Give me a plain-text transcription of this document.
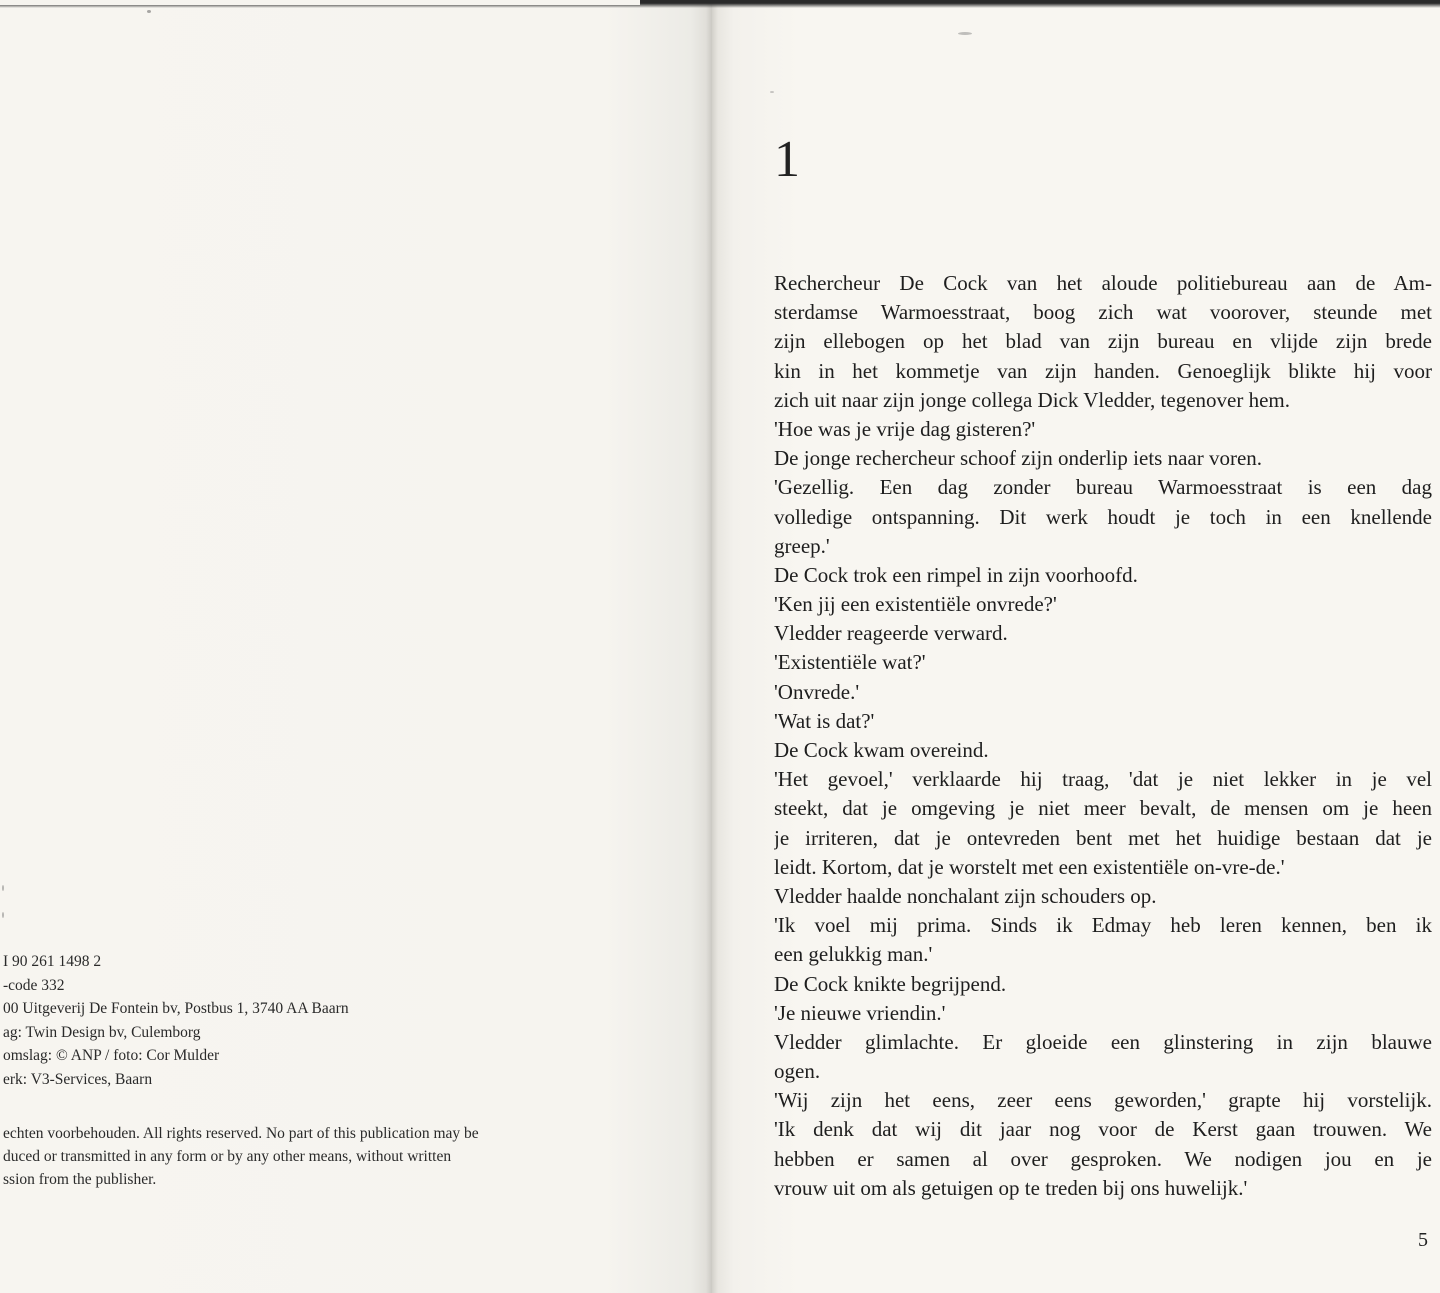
I 90 261 1498 2
-code 332
00 Uitgeverij De Fontein bv, Postbus 1, 3740 AA Baarn
ag: Twin Design bv, Culemborg
omslag: © ANP / foto: Cor Mulder
erk: V3-Services, Baarn
echten voorbehouden. All rights reserved. No part of this publication may be
duced or transmitted in any form or by any other means, without written
ssion from the publisher.
1
Rechercheur De Cock van het aloude politiebureau aan de Am-
sterdamse Warmoesstraat, boog zich wat voorover, steunde met
zijn ellebogen op het blad van zijn bureau en vlijde zijn brede
kin in het kommetje van zijn handen. Genoeglijk blikte hij voor
zich uit naar zijn jonge collega Dick Vledder, tegenover hem.
'Hoe was je vrije dag gisteren?'
De jonge rechercheur schoof zijn onderlip iets naar voren.
'Gezellig. Een dag zonder bureau Warmoesstraat is een dag
volledige ontspanning. Dit werk houdt je toch in een knellende
greep.'
De Cock trok een rimpel in zijn voorhoofd.
'Ken jij een existentiële onvrede?'
Vledder reageerde verward.
'Existentiële wat?'
'Onvrede.'
'Wat is dat?'
De Cock kwam overeind.
'Het gevoel,' verklaarde hij traag, 'dat je niet lekker in je vel
steekt, dat je omgeving je niet meer bevalt, de mensen om je heen
je irriteren, dat je ontevreden bent met het huidige bestaan dat je
leidt. Kortom, dat je worstelt met een existentiële on-vre-de.'
Vledder haalde nonchalant zijn schouders op.
'Ik voel mij prima. Sinds ik Edmay heb leren kennen, ben ik
een gelukkig man.'
De Cock knikte begrijpend.
'Je nieuwe vriendin.'
Vledder glimlachte. Er gloeide een glinstering in zijn blauwe
ogen.
'Wij zijn het eens, zeer eens geworden,' grapte hij vorstelijk.
'Ik denk dat wij dit jaar nog voor de Kerst gaan trouwen. We
hebben er samen al over gesproken. We nodigen jou en je
vrouw uit om als getuigen op te treden bij ons huwelijk.'
5
